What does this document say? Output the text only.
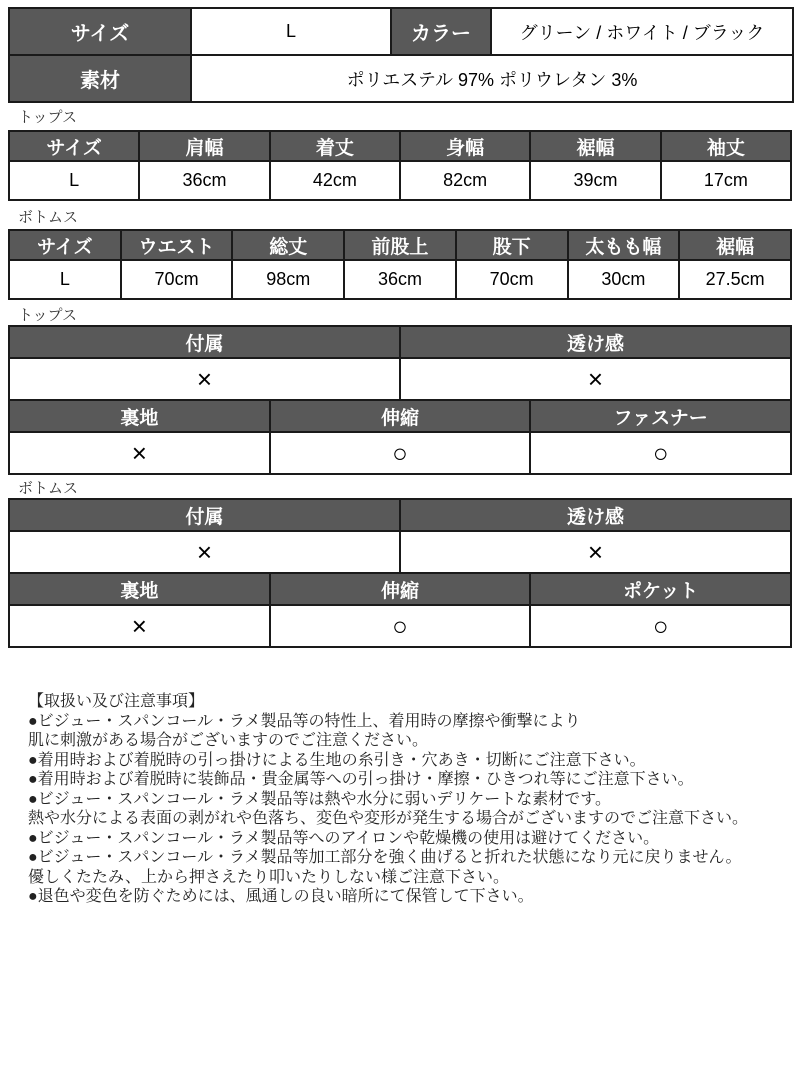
サイズ	L	カラー	グリーン / ホワイト / ブラック
素材	ポリエステル 97% ポリウレタン 3%		
トップス
サイズ	肩幅	着丈	身幅	裾幅	袖丈
L	36cm	42cm	82cm	39cm	17cm
ボトムス
サイズ	ウエスト	総丈	前股上	股下	太もも幅	裾幅
L	70cm	98cm	36cm	70cm	30cm	27.5cm
トップス
付属	透け感
×	×
裏地	伸縮	ファスナー
×	○	○
ボトムス
付属	透け感
×	×
裏地	伸縮	ポケット
×	○	○
【取扱い及び注意事項】
●ビジュー・スパンコール・ラメ製品等の特性上、着用時の摩擦や衝撃により
肌に刺激がある場合がございますのでご注意ください。
●着用時および着脱時の引っ掛けによる生地の糸引き・穴あき・切断にご注意下さい。
●着用時および着脱時に装飾品・貴金属等への引っ掛け・摩擦・ひきつれ等にご注意下さい。
●ビジュー・スパンコール・ラメ製品等は熱や水分に弱いデリケートな素材です。
熱や水分による表面の剥がれや色落ち、変色や変形が発生する場合がございますのでご注意下さい。
●ビジュー・スパンコール・ラメ製品等へのアイロンや乾燥機の使用は避けてください。
●ビジュー・スパンコール・ラメ製品等加工部分を強く曲げると折れた状態になり元に戻りません。
優しくたたみ、上から押さえたり叩いたりしない様ご注意下さい。
●退色や変色を防ぐためには、風通しの良い暗所にて保管して下さい。
